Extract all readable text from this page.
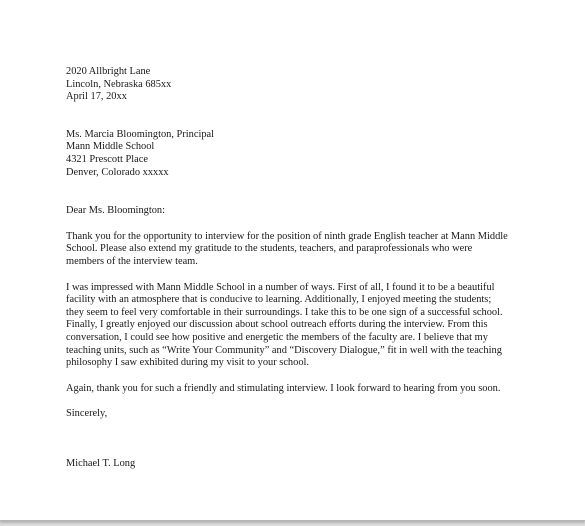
2020 Allbright Lane
Lincoln, Nebraska 685xx
April 17, 20xx
Ms. Marcia Bloomington, Principal
Mann Middle School
4321 Prescott Place
Denver, Colorado xxxxx
Dear Ms. Bloomington:
Thank you for the opportunity to interview for the position of ninth grade English teacher at Mann Middle
School. Please also extend my gratitude to the students, teachers, and paraprofessionals who were
members of the interview team.
I was impressed with Mann Middle School in a number of ways. First of all, I found it to be a beautiful
facility with an atmosphere that is conducive to learning. Additionally, I enjoyed meeting the students;
they seem to feel very comfortable in their surroundings. I take this to be one sign of a successful school.
Finally, I greatly enjoyed our discussion about school outreach efforts during the interview. From this
conversation, I could see how positive and energetic the members of the faculty are. I believe that my
teaching units, such as “Write Your Community” and “Discovery Dialogue,” fit in well with the teaching
philosophy I saw exhibited during my visit to your school.
Again, thank you for such a friendly and stimulating interview. I look forward to hearing from you soon.
Sincerely,
Michael T. Long
